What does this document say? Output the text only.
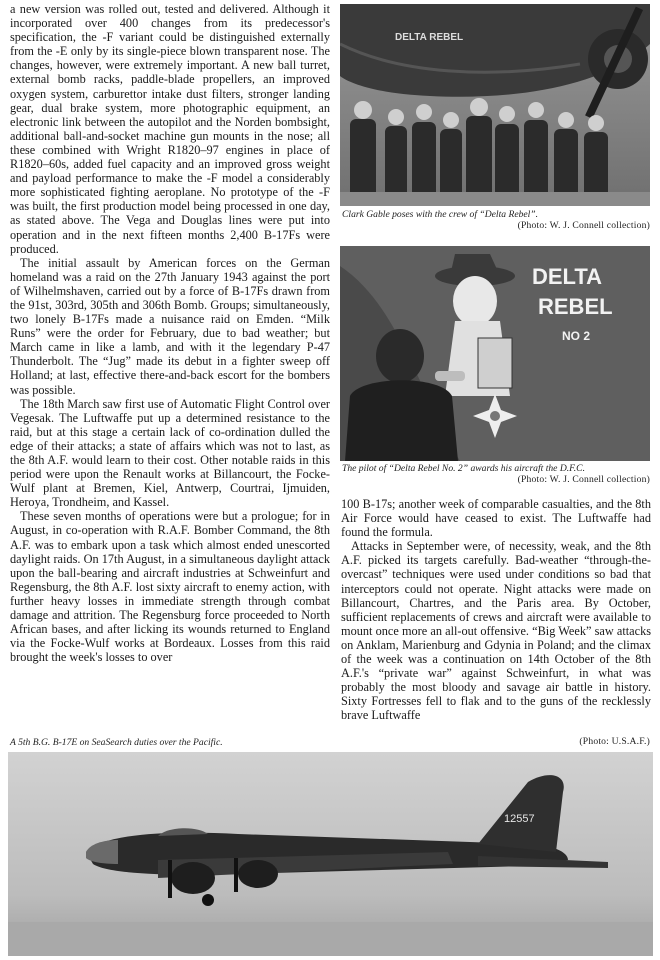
a new version was rolled out, tested and delivered. Although it incorporated over 400 changes from its predecessor's specification, the -F variant could be distinguished externally from the -E only by its single-piece blown transparent nose. The changes, however, were extremely important. A new ball turret, external bomb racks, paddle-blade propellers, an improved oxygen system, carburettor intake dust filters, stronger landing gear, dual brake system, more photographic equipment, an electronic link between the autopilot and the Norden bombsight, additional ball-and-socket machine gun mounts in the nose; all these combined with Wright R1820–97 engines in place of R1820–60s, added fuel capacity and an improved gross weight and payload performance to make the -F model a considerably more sophisticated fighting aeroplane. No prototype of the -F was built, the first production model being processed in one day, as stated above. The Vega and Douglas lines were put into operation and in the next fifteen months 2,400 B-17Fs were produced.

The initial assault by American forces on the German homeland was a raid on the 27th January 1943 against the port of Wilhelmshaven, carried out by a force of B-17Fs drawn from the 91st, 303rd, 305th and 306th Bomb. Groups; simultaneously, two lonely B-17Fs made a nuisance raid on Emden. “Milk Runs” were the order for February, due to bad weather; but March came in like a lamb, and with it the legendary P-47 Thunderbolt. The “Jug” made its debut in a fighter sweep off Holland; at last, effective there-and-back escort for the bombers was possible.

The 18th March saw first use of Automatic Flight Control over Vegesak. The Luftwaffe put up a determined resistance to the raid, but at this stage a certain lack of co-ordination dulled the edge of their attacks; a state of affairs which was not to last, as the 8th A.F. would learn to their cost. Other notable raids in this period were upon the Renault works at Billancourt, the Focke-Wulf plant at Bremen, Kiel, Antwerp, Courtrai, Ijmuiden, Heroya, Trondheim, and Kassel.

These seven months of operations were but a prologue; for in August, in co-operation with R.A.F. Bomber Command, the 8th A.F. was to embark upon a task which almost ended unescorted daylight raids. On 17th August, in a simultaneous daylight attack upon the ball-bearing and aircraft industries at Schweinfurt and Regensburg, the 8th A.F. lost sixty aircraft to enemy action, with further heavy losses in immediate strength through combat damage and attrition. The Regensburg force proceeded to North African bases, and after licking its wounds returned to England via the Focke-Wulf works at Bordeaux. Losses from this raid brought the week's losses to over

100 B-17s; another week of comparable casualties, and the 8th Air Force would have ceased to exist. The Luftwaffe had found the formula.

Attacks in September were, of necessity, weak, and the 8th A.F. picked its targets carefully. Bad-weather “through-the-overcast” techniques were used under conditions so bad that interceptors could not operate. Night attacks were made on Billancourt, Chartres, and the Paris area. By October, sufficient replacements of crews and aircraft were available to mount once more an all-out offensive. “Big Week” saw attacks on Anklam, Marienburg and Gdynia in Poland; and the climax of the week was a continuation on 14th October of the 8th A.F.'s “private war” against Schweinfurt, in what was probably the most bloody and savage air battle in history. Sixty Fortresses fell to flak and to the guns of the recklessly brave Luftwaffe

DELTA REBEL
Clark Gable poses with the crew of “Delta Rebel”.
(Photo: W. J. Connell collection)
DELTA
REBEL
NO 2
The pilot of “Delta Rebel No. 2” awards his aircraft the D.F.C.
(Photo: W. J. Connell collection)
A 5th B.G. B-17E on SeaSearch duties over the Pacific.	(Photo: U.S.A.F.)
12557
